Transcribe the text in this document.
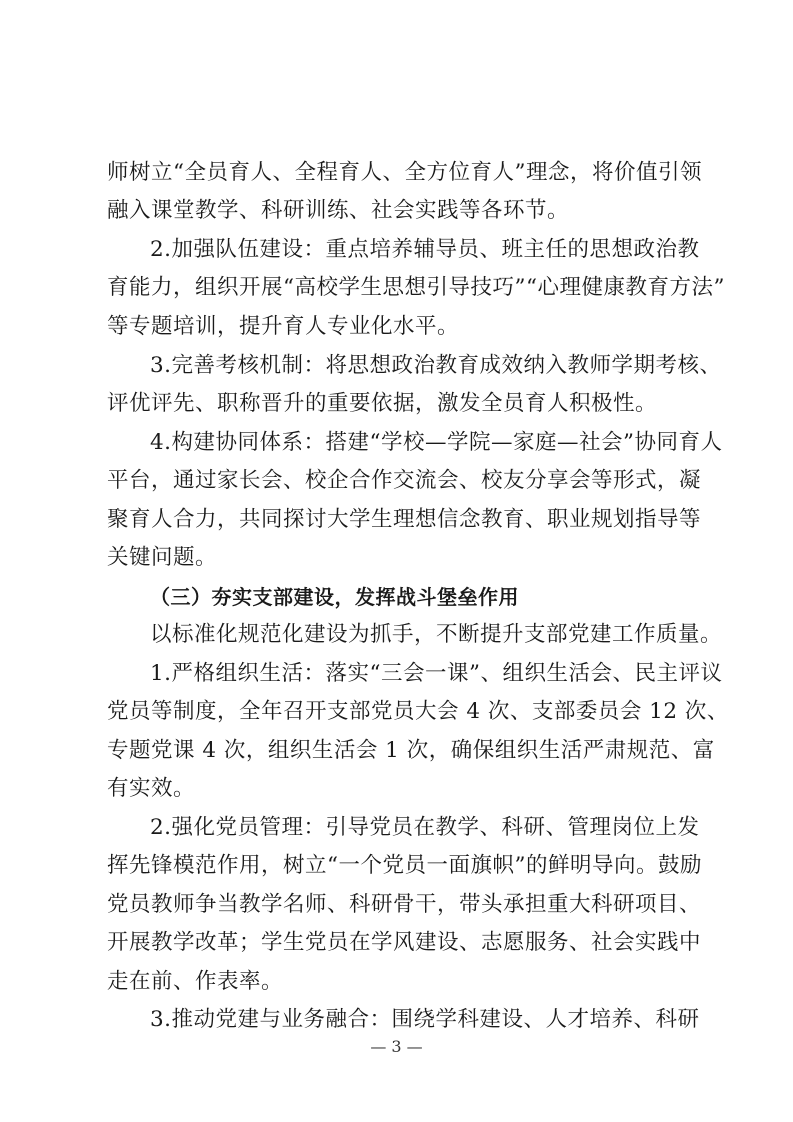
师树立“全员育人、全程育人、全方位育人”理念，将价值引领
融入课堂教学、科研训练、社会实践等各环节。
2.加强队伍建设：重点培养辅导员、班主任的思想政治教
育能力，组织开展“高校学生思想引导技巧”“心理健康教育方法”
等专题培训，提升育人专业化水平。
3.完善考核机制：将思想政治教育成效纳入教师学期考核、
评优评先、职称晋升的重要依据，激发全员育人积极性。
4.构建协同体系：搭建“学校—学院—家庭—社会”协同育人
平台，通过家长会、校企合作交流会、校友分享会等形式，凝
聚育人合力，共同探讨大学生理想信念教育、职业规划指导等
关键问题。
（三）夯实支部建设，发挥战斗堡垒作用
以标准化规范化建设为抓手，不断提升支部党建工作质量。
1.严格组织生活：落实“三会一课”、组织生活会、民主评议
党员等制度，全年召开支部党员大会 4 次、支部委员会 12 次、
专题党课 4 次，组织生活会 1 次，确保组织生活严肃规范、富
有实效。
2.强化党员管理：引导党员在教学、科研、管理岗位上发
挥先锋模范作用，树立“一个党员一面旗帜”的鲜明导向。鼓励
党员教师争当教学名师、科研骨干，带头承担重大科研项目、
开展教学改革；学生党员在学风建设、志愿服务、社会实践中
走在前、作表率。
3.推动党建与业务融合：围绕学科建设、人才培养、科研
— 3 —
